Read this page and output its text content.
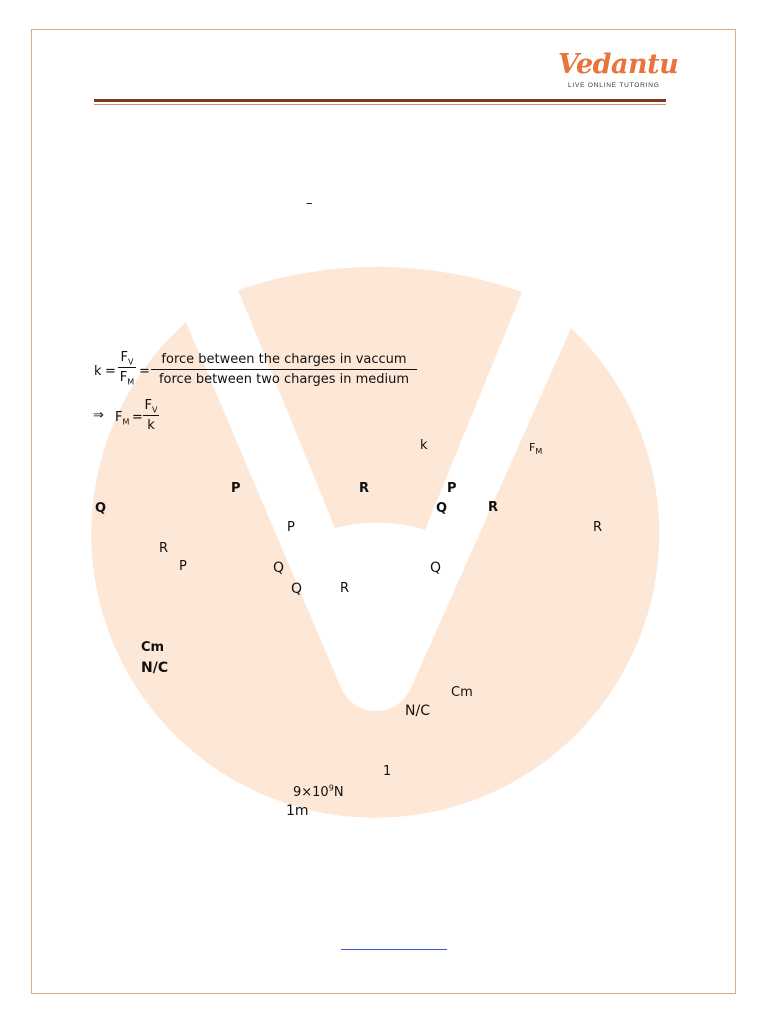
Vedantu
LIVE ONLINE TUTORING
–
k =
$F_V$
$F_M$
=
force between the charges in vaccum
force between two charges in medium
⇒ $F_M$ =
$F_V$
k
k	$F_M$
P	R	P
Q	Q	R
P	R
R
P	Q	Q
Q	R
Cm
N/C
Cm
N/C
1
$9\times 10^9N$
1m
